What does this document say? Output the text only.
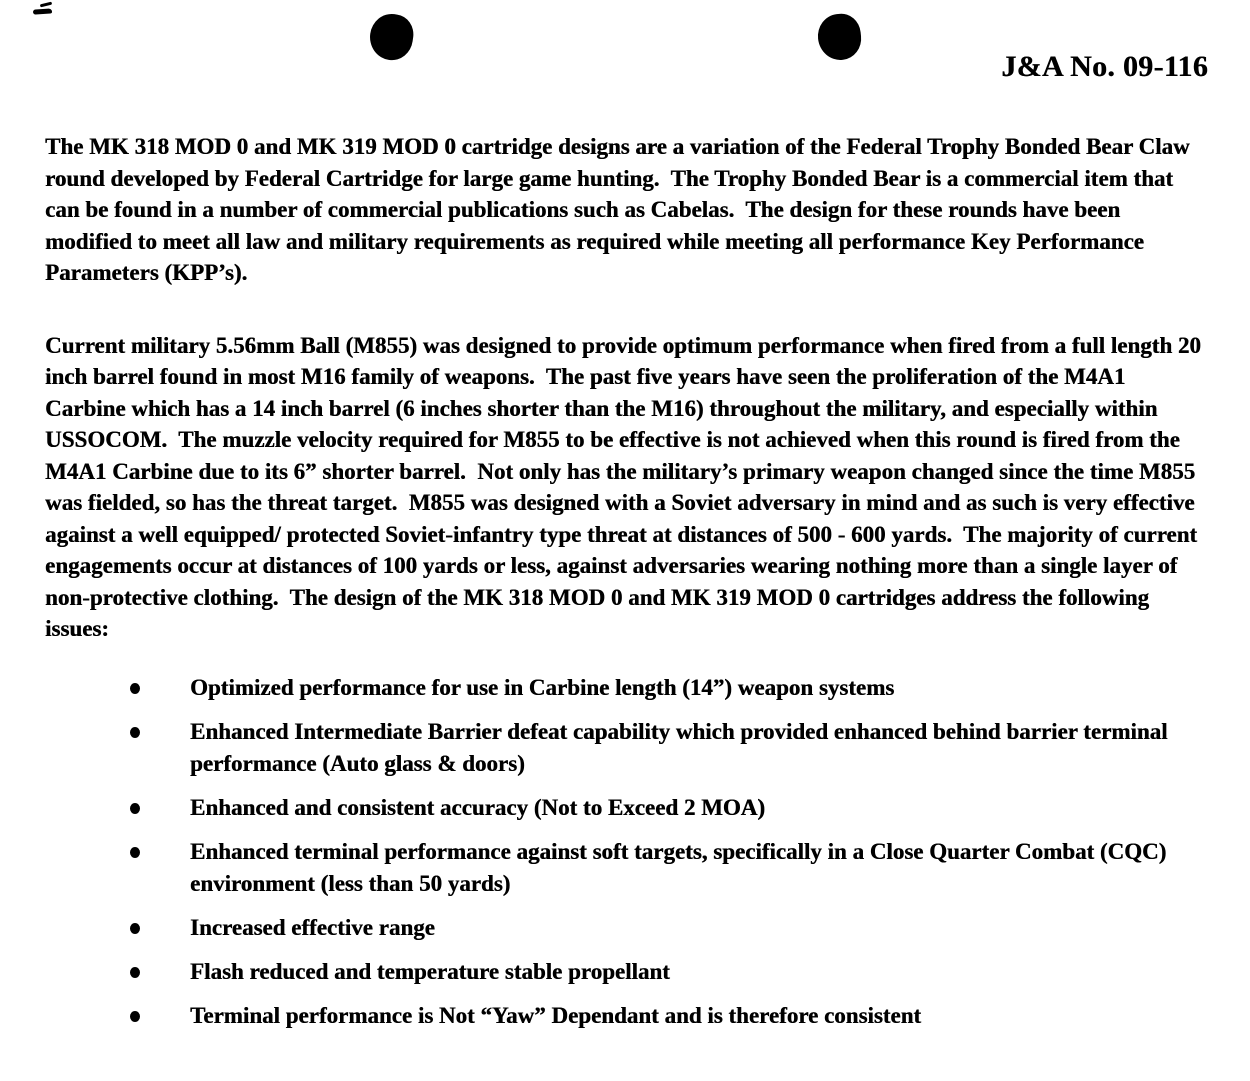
J&A No. 09-116

The MK 318 MOD 0 and MK 319 MOD 0 cartridge designs are a variation of the Federal Trophy Bonded Bear Claw round developed by Federal Cartridge for large game hunting.  The Trophy Bonded Bear is a commercial item that can be found in a number of commercial publications such as Cabelas.  The design for these rounds have been modified to meet all law and military requirements as required while meeting all performance Key Performance Parameters (KPP’s).

Current military 5.56mm Ball (M855) was designed to provide optimum performance when fired from a full length 20 inch barrel found in most M16 family of weapons.  The past five years have seen the proliferation of the M4A1 Carbine which has a 14 inch barrel (6 inches shorter than the M16) throughout the military, and especially within USSOCOM.  The muzzle velocity required for M855 to be effective is not achieved when this round is fired from the M4A1 Carbine due to its 6” shorter barrel.  Not only has the military’s primary weapon changed since the time M855 was fielded, so has the threat target.  M855 was designed with a Soviet adversary in mind and as such is very effective against a well equipped/ protected Soviet-infantry type threat at distances of 500 - 600 yards.  The majority of current engagements occur at distances of 100 yards or less, against adversaries wearing nothing more than a single layer of non-protective clothing.  The design of the MK 318 MOD 0 and MK 319 MOD 0 cartridges address the following issues:

Optimized performance for use in Carbine length (14”) weapon systems
Enhanced Intermediate Barrier defeat capability which provided enhanced behind barrier terminal performance (Auto glass & doors)
Enhanced and consistent accuracy (Not to Exceed 2 MOA)
Enhanced terminal performance against soft targets, specifically in a Close Quarter Combat (CQC) environment (less than 50 yards)
Increased effective range
Flash reduced and temperature stable propellant
Terminal performance is Not “Yaw” Dependant and is therefore consistent
